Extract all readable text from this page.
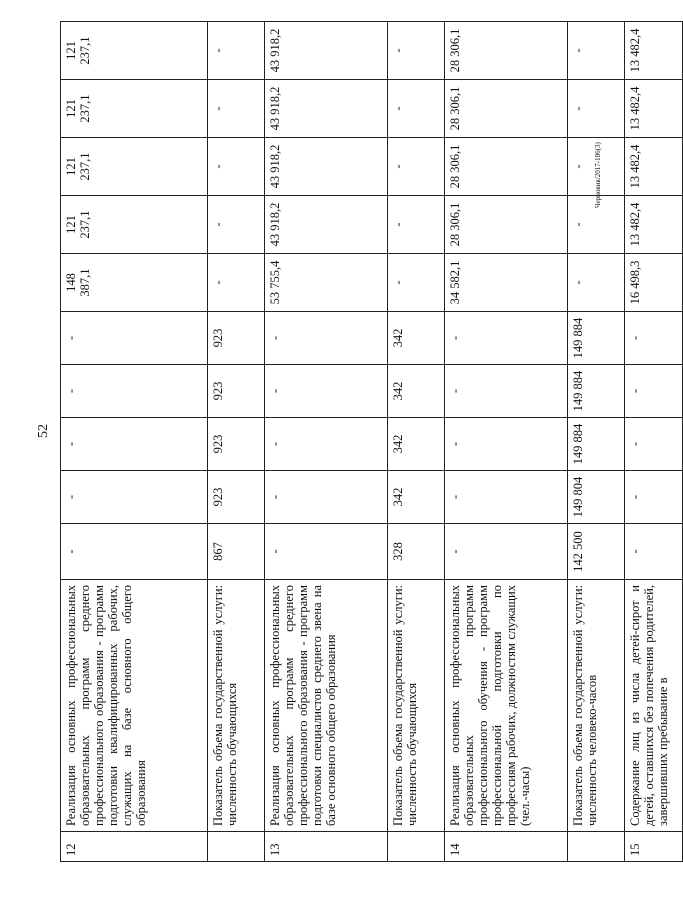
52
Черновик/2017-186(3)
12	Реализация основных профессиональных образовательных программ среднего профессионального образования - программ подготовки квалифицированных рабочих, служащих на базе основного общего образования	-	-	-	-	-	148 387,1	121 237,1	121 237,1	121 237,1	121 237,1
	Показатель объема государственной услуги: численность обучающихся	867	923	923	923	923	-	-	-	-	-
13	Реализация основных профессиональных образовательных программ среднего профессионального образования - программ подготовки специалистов среднего звена на базе основного общего образования	-	-	-	-	-	53 755,4	43 918,2	43 918,2	43 918,2	43 918,2
	Показатель объема государственной услуги: численность обучающихся	328	342	342	342	342	-	-	-	-	-
14	Реализация основных профессиональных образовательных программ профессионального обучения - программ профессиональной подготовки по профессиям рабочих, должностям служащих (чел.-часы)	-	-	-	-	-	34 582,1	28 306,1	28 306,1	28 306,1	28 306,1
	Показатель объема государственной услуги: численность человеко-часов	142 500	149 804	149 884	149 884	149 884	-	-	-	-	-
15	Содержание лиц из числа детей-сирот и детей, оставшихся без попечения родителей, завершивших пребывание в	-	-	-	-	-	16 498,3	13 482,4	13 482,4	13 482,4	13 482,4
